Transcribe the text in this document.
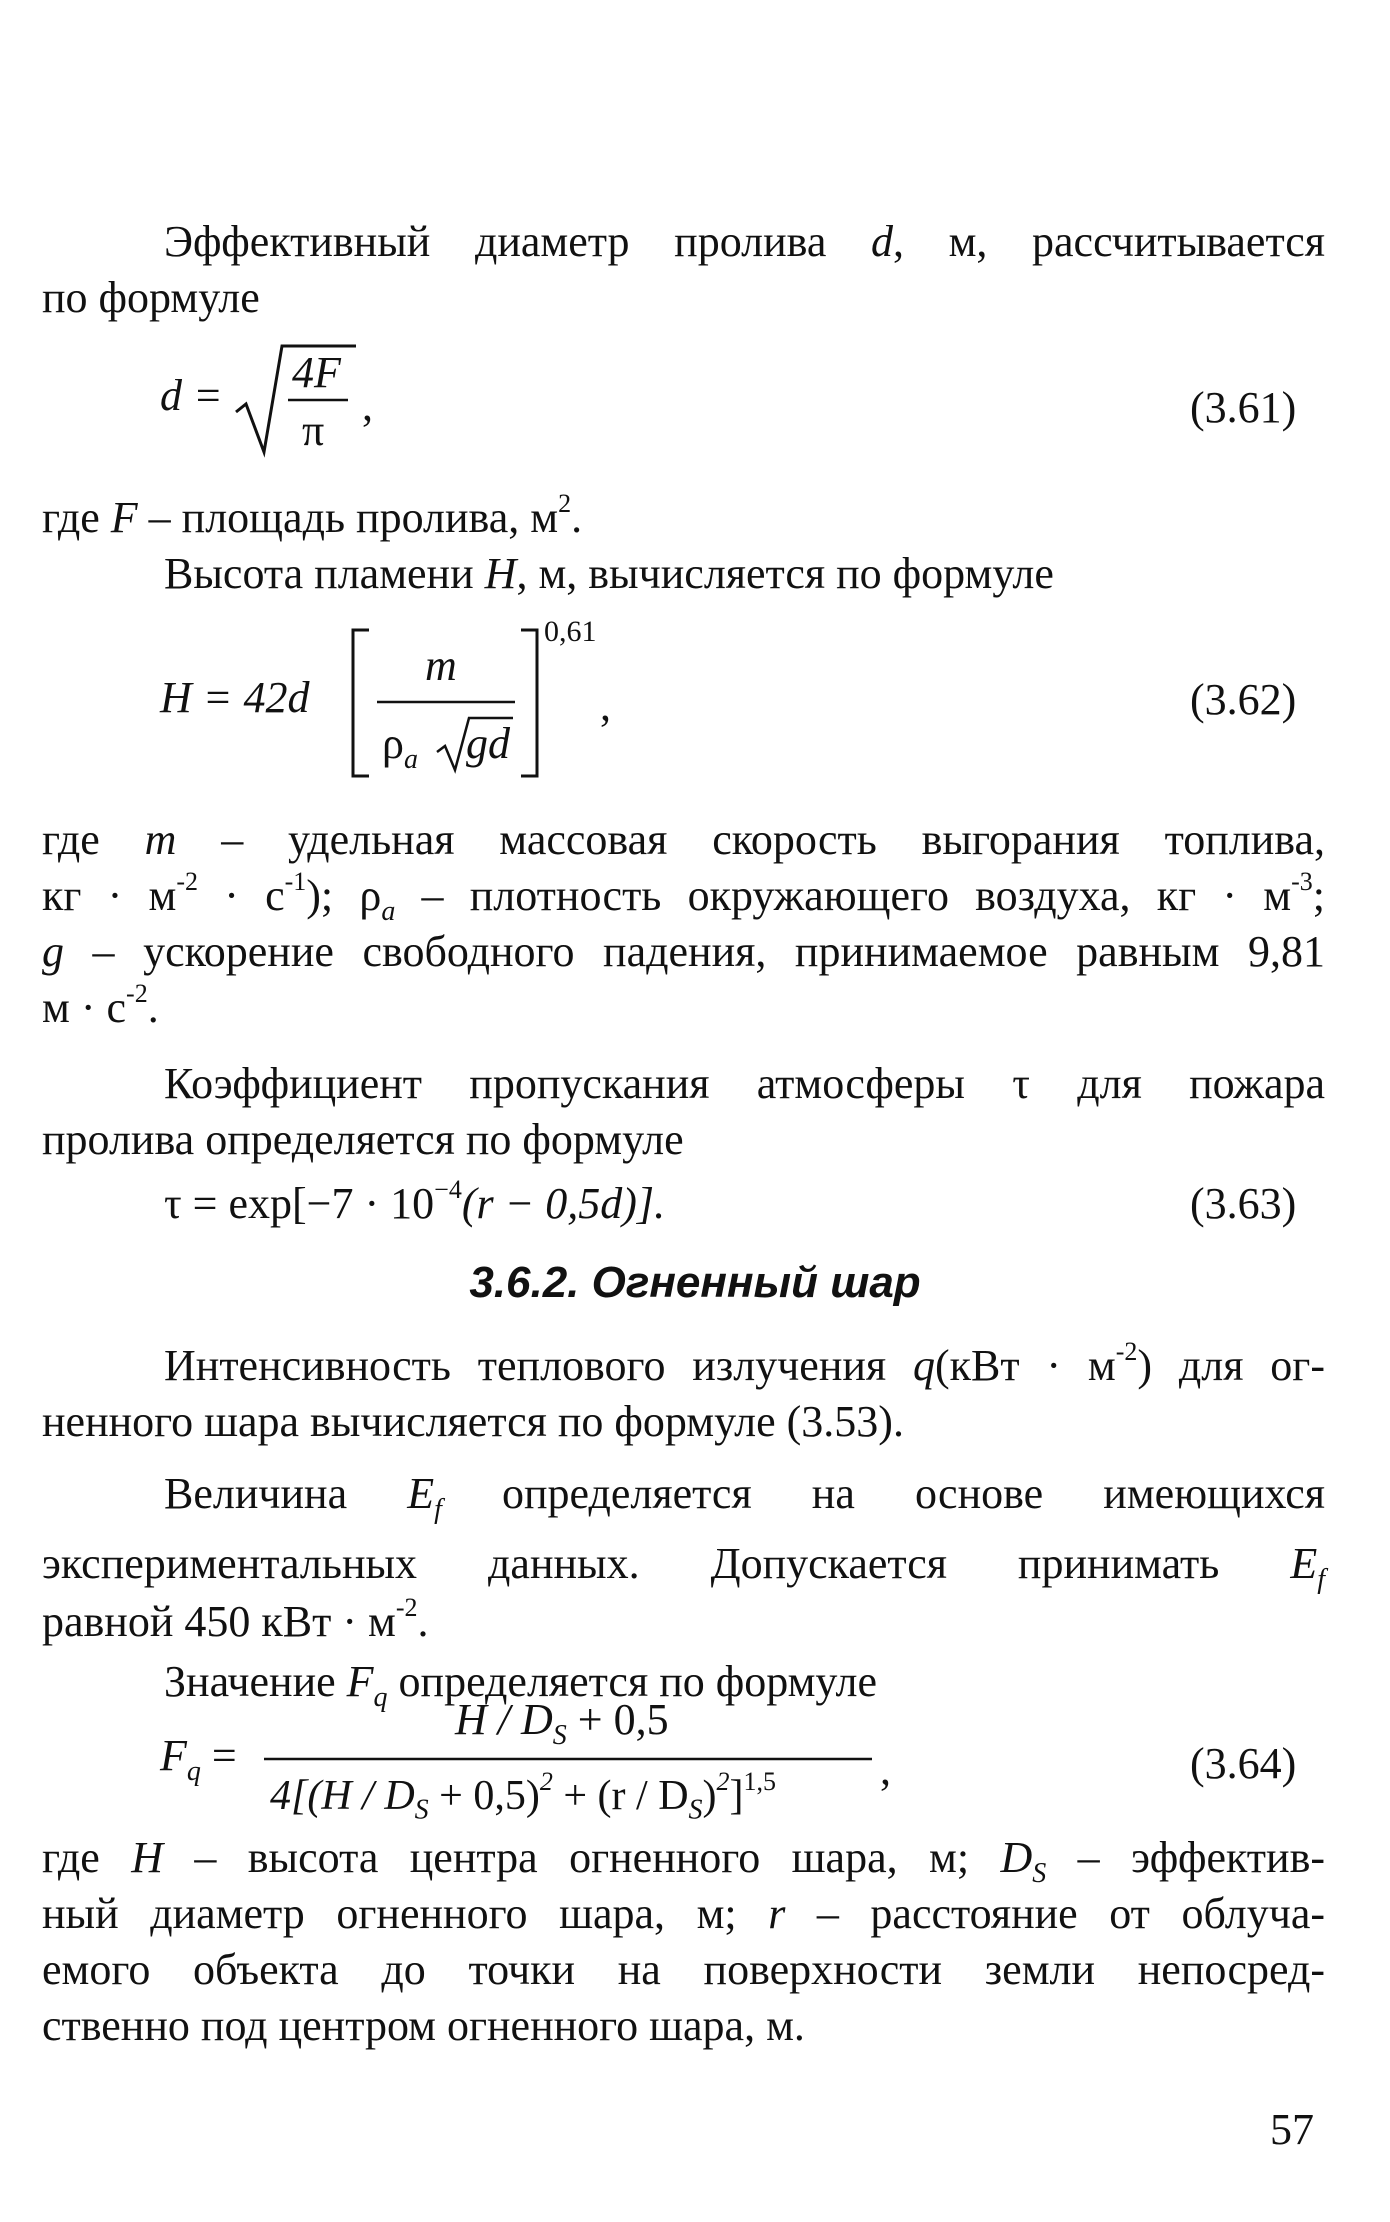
Эффективный диаметр пролива d, м, рассчитывается
по формуле
d = 4F
π
,	(3.61)
где F – площадь пролива, $м^2$.
Высота пламени H, м, вычисляется по формуле
H = 42d
m
$\rho_a$ gd
0,61
,	(3.62)
где m – удельная массовая скорость выгорания топлива,
кг · $м^{-2} \cdot с^{-1}$); $\rho_a$ – плотность окружающего воздуха, кг · $м^{-3}$;
g – ускорение свободного падения, принимаемое равным 9,81
$м \cdot с^{-2}$.
Коэффициент пропускания атмосферы τ для пожара
пролива определяется по формуле
$\tau = \exp[-7 \cdot 10^{-4}(r - 0,5d)]$.	(3.63)
3.6.2. Огненный шар
Интенсивность теплового излучения $q(кВт \cdot м^{-2})$ для ог-
ненного шара вычисляется по формуле (3.53).
Величина $E_f$ определяется на основе имеющихся
экспериментальных данных. Допускается принимать $E_f$
равной 450 кВт · $м^{-2}$.
Значение $F_q$ определяется по формуле
$F_q$ =
$H / D_S + 0,5$
$4[(H / D_S + 0,5)^2 + (r / D_S)^2]^{1,5}$ ,	(3.64)
где H – высота центра огненного шара, м; $D_S$ – эффектив-
ный диаметр огненного шара, м; r – расстояние от облуча-
емого объекта до точки на поверхности земли непосред-
ственно под центром огненного шара, м.
57
